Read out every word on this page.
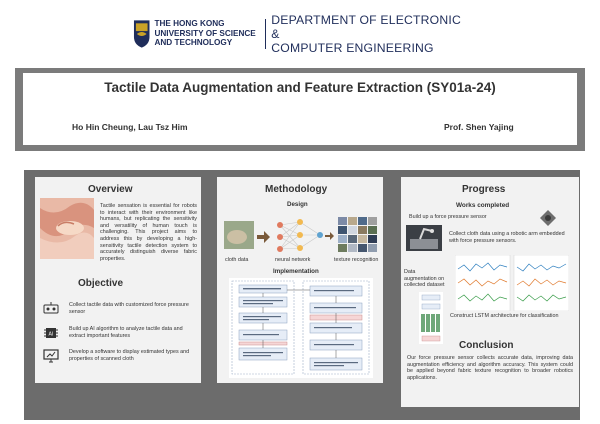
THE HONG KONG
UNIVERSITY OF SCIENCE
AND TECHNOLOGY
DEPARTMENT OF ELECTRONIC &
COMPUTER ENGINEERING
Tactile Data Augmentation and Feature Extraction (SY01a-24)
Ho Hin Cheung, Lau Tsz Him	Prof. Shen Yajing
Overview
Tactile sensation is essential for robots to interact with their environment like humans, but replicating the sensitivity and versatility of human touch is challenging. This project aims to address this by developing a high-sensitivity tactile detection system to accurately distinguish diverse fabric properties.
Objective
Collect tactile data with customized force pressure sensor
AI
Build up AI algorithm to analyze tactile data and extract important features
Develop a software to display estimated types and properties of scanned cloth
Methodology
Design
cloth data	neural network	texture recognition
Implementation
Progress
Works completed
Build up a force pressure sensor
Collect cloth data using a robotic arm embedded with force pressure sensors.
Data augmentation on collected dataset
Construct LSTM architecture for classification
Conclusion
Our force pressure sensor collects accurate data, improving data augmentation efficiency and algorithm accuracy. This system could be applied beyond fabric texture recognition to broader robotics applications.
